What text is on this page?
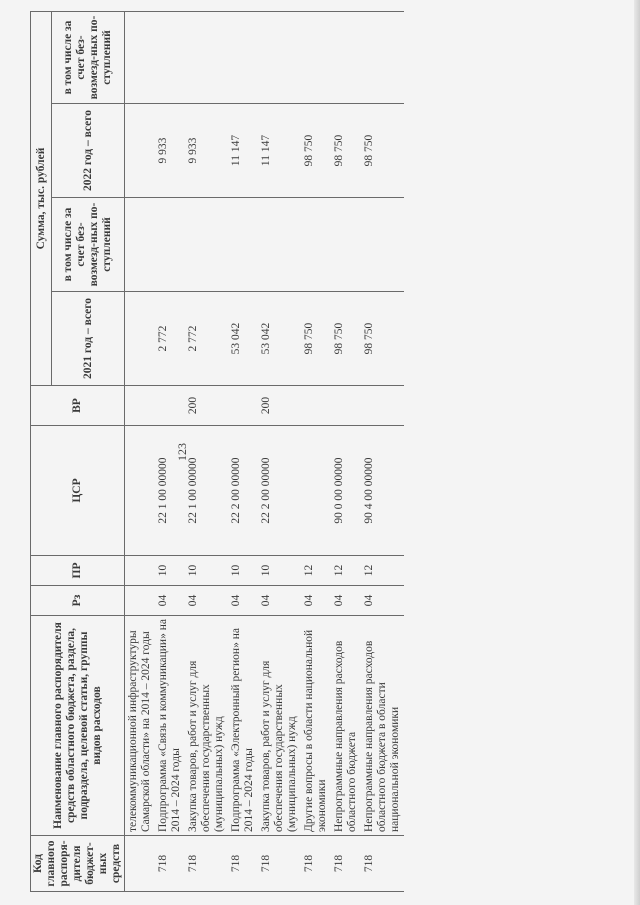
123
Код главного распоря-дителя бюджет-ных средств	Наименование главного распорядителя средств областного бюджета, раздела, подраздела, целевой статьи, группы видов расходов	Рз	ПР	ЦСР	ВР	Сумма, тыс. рублей			
						2021 год – всего	в том числе за счет без-возмезд-ных по-ступлений	2022 год – всего	в том числе за счет без-возмезд-ных по-ступлений
	телекоммуникационной инфраструктуры Самарской области» на 2014 – 2024 годы								
718	Подпрограмма «Связь и коммуникации» на 2014 – 2024 годы	04	10	22 1 00 00000		2 772		9 933	
718	Закупка товаров, работ и услуг для обеспечения государственных (муниципальных) нужд	04	10	22 1 00 00000	200	2 772		9 933	
718	Подпрограмма «Электронный регион» на 2014 – 2024 годы	04	10	22 2 00 00000		53 042		11 147	
718	Закупка товаров, работ и услуг для обеспечения государственных (муниципальных) нужд	04	10	22 2 00 00000	200	53 042		11 147	
718	Другие вопросы в области национальной экономики	04	12			98 750		98 750	
718	Непрограммные направления расходов областного бюджета	04	12	90 0 00 00000		98 750		98 750	
718	Непрограммные направления расходов областного бюджета в области национальной экономики	04	12	90 4 00 00000		98 750		98 750	
